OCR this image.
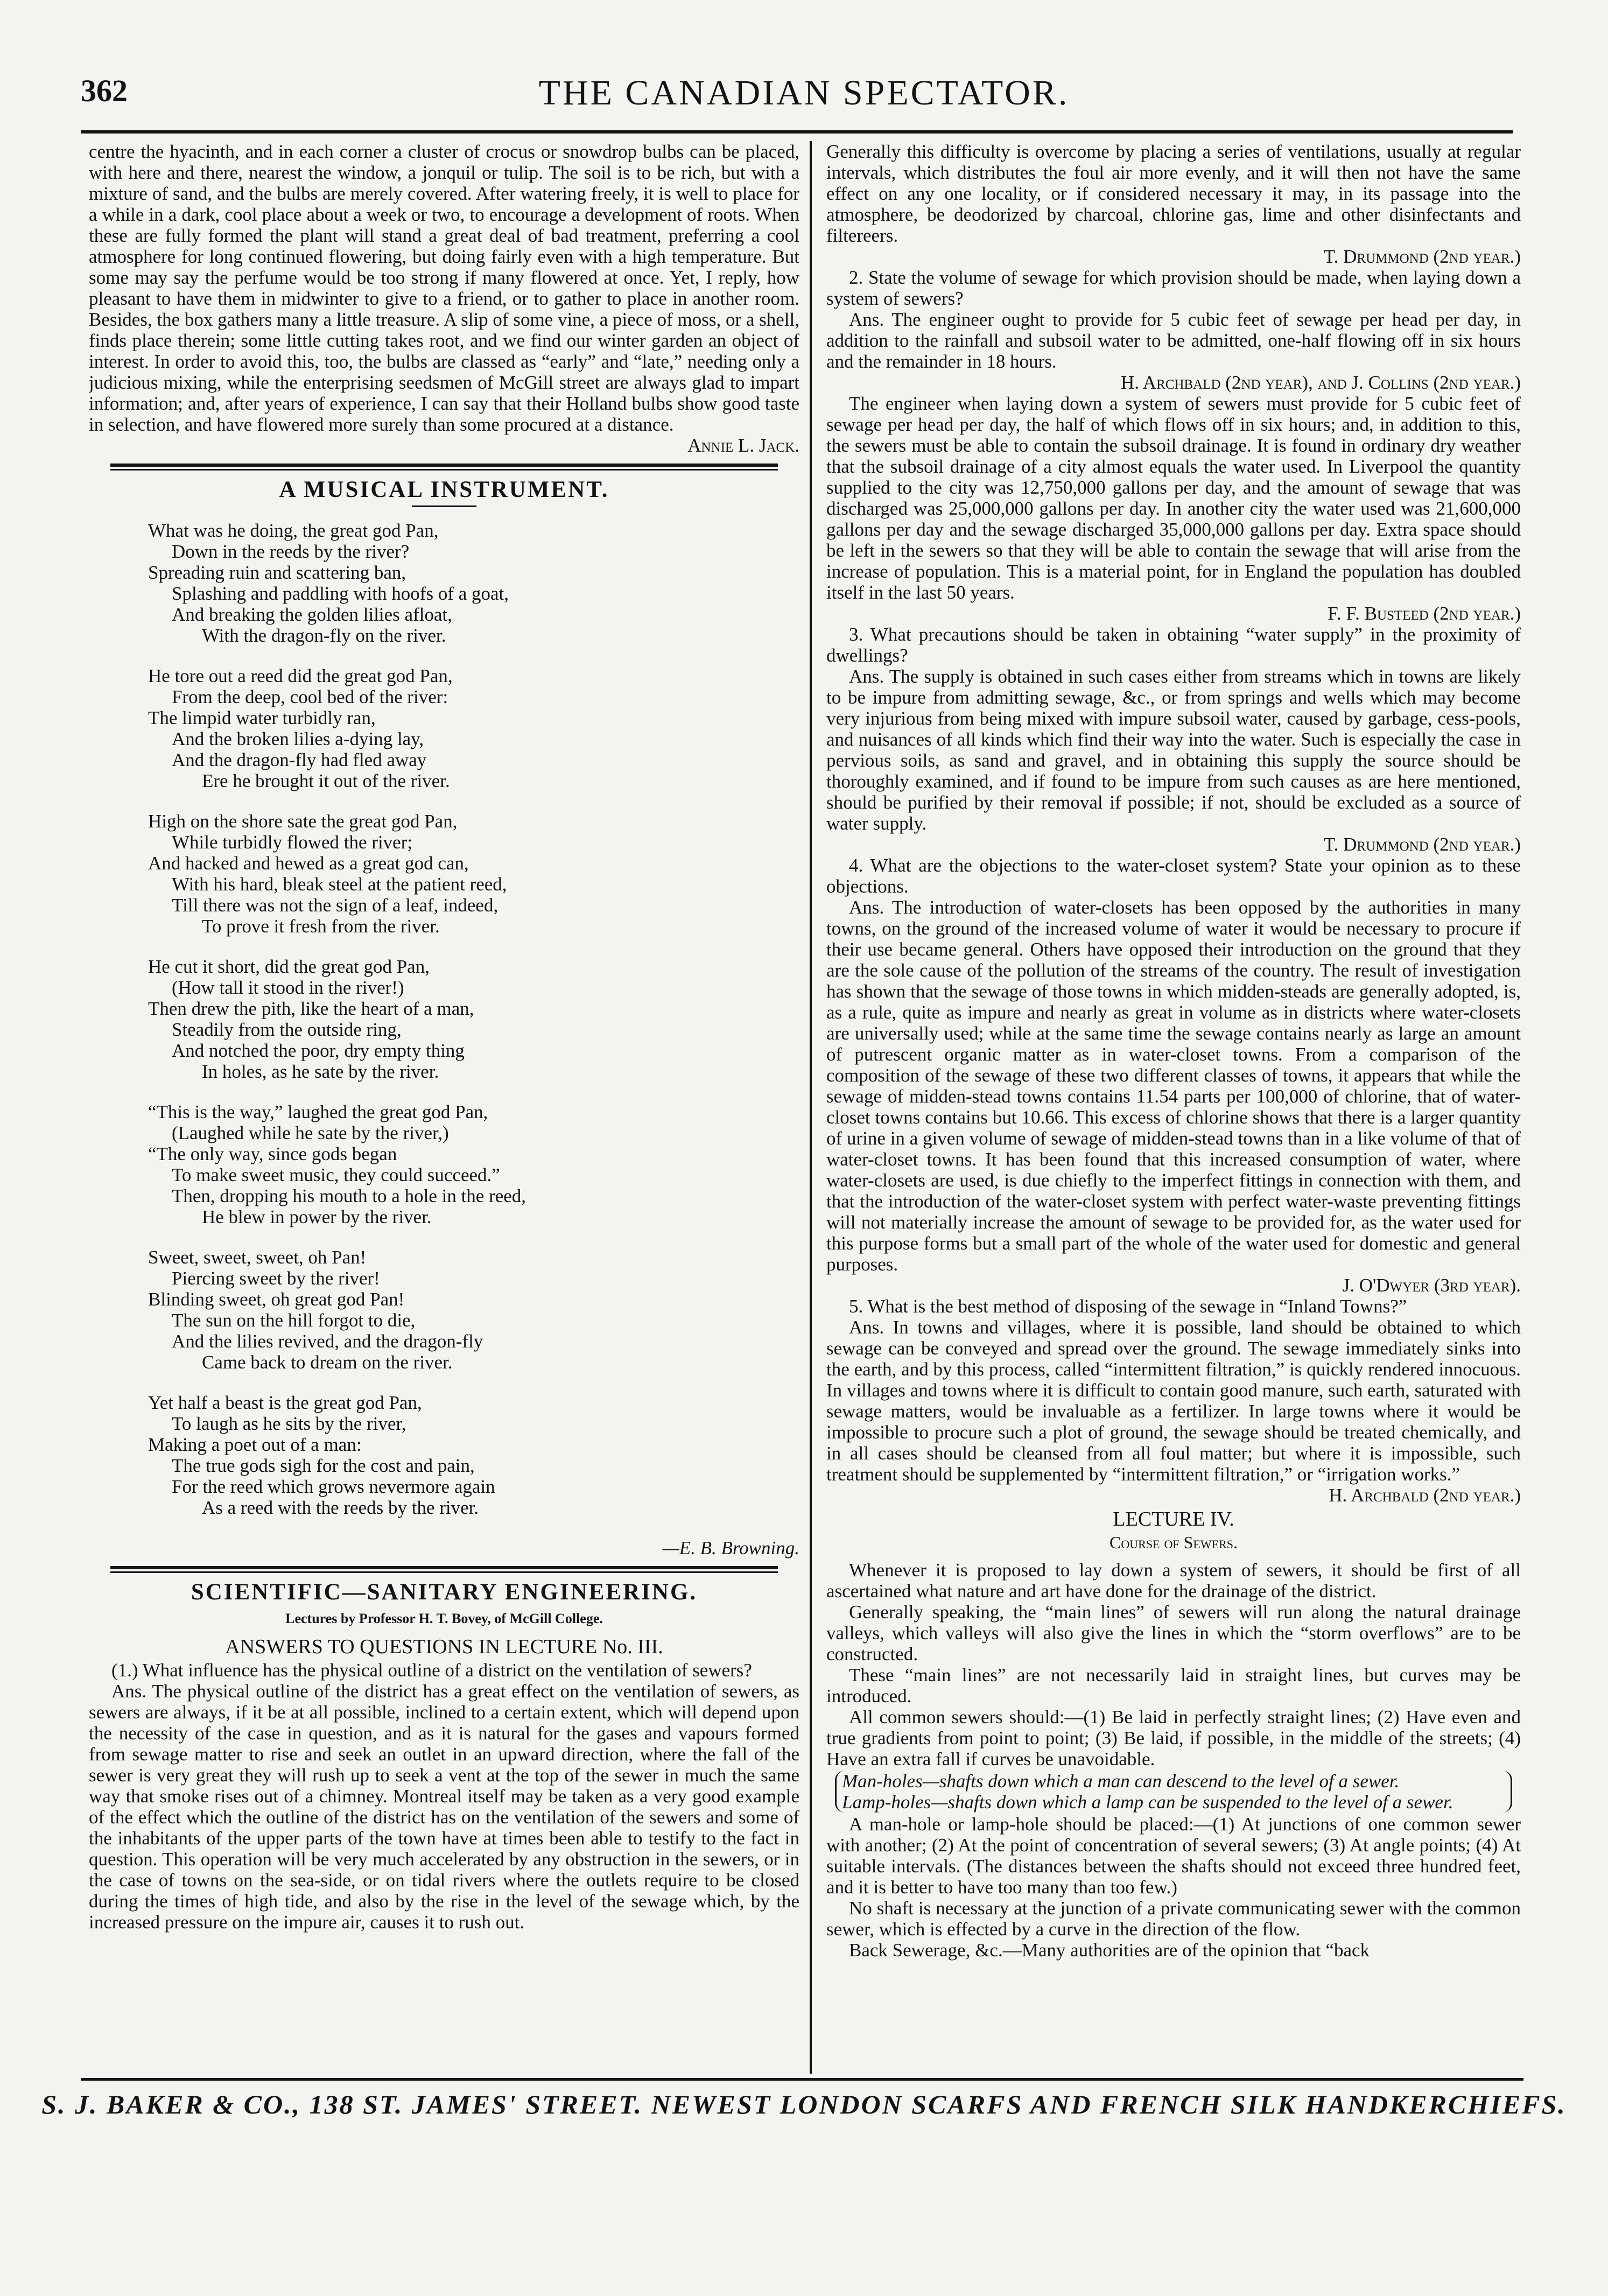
362	THE CANADIAN SPECTATOR.

centre the hyacinth, and in each corner a cluster of crocus or snowdrop bulbs can be placed, with here and there, nearest the window, a jonquil or tulip. The soil is to be rich, but with a mixture of sand, and the bulbs are merely covered. After watering freely, it is well to place for a while in a dark, cool place about a week or two, to encourage a development of roots. When these are fully formed the plant will stand a great deal of bad treatment, preferring a cool atmosphere for long continued flowering, but doing fairly even with a high temperature. But some may say the perfume would be too strong if many flowered at once. Yet, I reply, how pleasant to have them in midwinter to give to a friend, or to gather to place in another room. Besides, the box gathers many a little treasure. A slip of some vine, a piece of moss, or a shell, finds place therein; some little cutting takes root, and we find our winter garden an object of interest. In order to avoid this, too, the bulbs are classed as “early” and “late,” needing only a judicious mixing, while the enterprising seedsmen of McGill street are always glad to impart information; and, after years of experience, I can say that their Holland bulbs show good taste in selection, and have flowered more surely than some procured at a distance.

Annie L. Jack.

A MUSICAL INSTRUMENT.
What was he doing, the great god Pan,
Down in the reeds by the river?
Spreading ruin and scattering ban,
Splashing and paddling with hoofs of a goat,
And breaking the golden lilies afloat,
With the dragon-fly on the river.
He tore out a reed did the great god Pan,
From the deep, cool bed of the river:
The limpid water turbidly ran,
And the broken lilies a-dying lay,
And the dragon-fly had fled away
Ere he brought it out of the river.
High on the shore sate the great god Pan,
While turbidly flowed the river;
And hacked and hewed as a great god can,
With his hard, bleak steel at the patient reed,
Till there was not the sign of a leaf, indeed,
To prove it fresh from the river.
He cut it short, did the great god Pan,
(How tall it stood in the river!)
Then drew the pith, like the heart of a man,
Steadily from the outside ring,
And notched the poor, dry empty thing
In holes, as he sate by the river.
“This is the way,” laughed the great god Pan,
(Laughed while he sate by the river,)
“The only way, since gods began
To make sweet music, they could succeed.”
Then, dropping his mouth to a hole in the reed,
He blew in power by the river.
Sweet, sweet, sweet, oh Pan!
Piercing sweet by the river!
Blinding sweet, oh great god Pan!
The sun on the hill forgot to die,
And the lilies revived, and the dragon-fly
Came back to dream on the river.
Yet half a beast is the great god Pan,
To laugh as he sits by the river,
Making a poet out of a man:
The true gods sigh for the cost and pain,
For the reed which grows nevermore again
As a reed with the reeds by the river.

—E. B. Browning.

SCIENTIFIC—SANITARY ENGINEERING.
Lectures by Professor H. T. Bovey, of McGill College.
ANSWERS TO QUESTIONS IN LECTURE No. III.

(1.) What influence has the physical outline of a district on the ventilation of sewers?

Ans. The physical outline of the district has a great effect on the ventilation of sewers, as sewers are always, if it be at all possible, inclined to a certain extent, which will depend upon the necessity of the case in question, and as it is natural for the gases and vapours formed from sewage matter to rise and seek an outlet in an upward direction, where the fall of the sewer is very great they will rush up to seek a vent at the top of the sewer in much the same way that smoke rises out of a chimney. Montreal itself may be taken as a very good example of the effect which the outline of the district has on the ventilation of the sewers and some of the inhabitants of the upper parts of the town have at times been able to testify to the fact in question. This operation will be very much accelerated by any obstruction in the sewers, or in the case of towns on the sea-side, or on tidal rivers where the outlets require to be closed during the times of high tide, and also by the rise in the level of the sewage which, by the increased pressure on the impure air, causes it to rush out.

Generally this difficulty is overcome by placing a series of ventilations, usually at regular intervals, which distributes the foul air more evenly, and it will then not have the same effect on any one locality, or if considered necessary it may, in its passage into the atmosphere, be deodorized by charcoal, chlorine gas, lime and other disinfectants and filtereers.

T. Drummond (2nd year.)

2. State the volume of sewage for which provision should be made, when laying down a system of sewers?

Ans. The engineer ought to provide for 5 cubic feet of sewage per head per day, in addition to the rainfall and subsoil water to be admitted, one-half flowing off in six hours and the remainder in 18 hours.

H. Archbald (2nd year), and J. Collins (2nd year.)

The engineer when laying down a system of sewers must provide for 5 cubic feet of sewage per head per day, the half of which flows off in six hours; and, in addition to this, the sewers must be able to contain the subsoil drainage. It is found in ordinary dry weather that the subsoil drainage of a city almost equals the water used. In Liverpool the quantity supplied to the city was 12,750,000 gallons per day, and the amount of sewage that was discharged was 25,000,000 gallons per day. In another city the water used was 21,600,000 gallons per day and the sewage discharged 35,000,000 gallons per day. Extra space should be left in the sewers so that they will be able to contain the sewage that will arise from the increase of population. This is a material point, for in England the population has doubled itself in the last 50 years.

F. F. Busteed (2nd year.)

3. What precautions should be taken in obtaining “water supply” in the proximity of dwellings?

Ans. The supply is obtained in such cases either from streams which in towns are likely to be impure from admitting sewage, &c., or from springs and wells which may become very injurious from being mixed with impure subsoil water, caused by garbage, cess-pools, and nuisances of all kinds which find their way into the water. Such is especially the case in pervious soils, as sand and gravel, and in obtaining this supply the source should be thoroughly examined, and if found to be impure from such causes as are here mentioned, should be purified by their removal if possible; if not, should be excluded as a source of water supply.

T. Drummond (2nd year.)

4. What are the objections to the water-closet system? State your opinion as to these objections.

Ans. The introduction of water-closets has been opposed by the authorities in many towns, on the ground of the increased volume of water it would be necessary to procure if their use became general. Others have opposed their introduction on the ground that they are the sole cause of the pollution of the streams of the country. The result of investigation has shown that the sewage of those towns in which midden-steads are generally adopted, is, as a rule, quite as impure and nearly as great in volume as in districts where water-closets are universally used; while at the same time the sewage contains nearly as large an amount of putrescent organic matter as in water-closet towns. From a comparison of the composition of the sewage of these two different classes of towns, it appears that while the sewage of midden-stead towns contains 11.54 parts per 100,000 of chlorine, that of water-closet towns contains but 10.66. This excess of chlorine shows that there is a larger quantity of urine in a given volume of sewage of midden-stead towns than in a like volume of that of water-closet towns. It has been found that this increased consumption of water, where water-closets are used, is due chiefly to the imperfect fittings in connection with them, and that the introduction of the water-closet system with perfect water-waste preventing fittings will not materially increase the amount of sewage to be provided for, as the water used for this purpose forms but a small part of the whole of the water used for domestic and general purposes.

J. O'Dwyer (3rd year).

5. What is the best method of disposing of the sewage in “Inland Towns?”

Ans. In towns and villages, where it is possible, land should be obtained to which sewage can be conveyed and spread over the ground. The sewage immediately sinks into the earth, and by this process, called “intermittent filtration,” is quickly rendered innocuous. In villages and towns where it is difficult to contain good manure, such earth, saturated with sewage matters, would be invaluable as a fertilizer. In large towns where it would be impossible to procure such a plot of ground, the sewage should be treated chemically, and in all cases should be cleansed from all foul matter; but where it is impossible, such treatment should be supplemented by “intermittent filtration,” or “irrigation works.”

H. Archbald (2nd year.)

LECTURE IV.
Course of Sewers.

Whenever it is proposed to lay down a system of sewers, it should be first of all ascertained what nature and art have done for the drainage of the district.

Generally speaking, the “main lines” of sewers will run along the natural drainage valleys, which valleys will also give the lines in which the “storm overflows” are to be constructed.

These “main lines” are not necessarily laid in straight lines, but curves may be introduced.

All common sewers should:—(1) Be laid in perfectly straight lines; (2) Have even and true gradients from point to point; (3) Be laid, if possible, in the middle of the streets; (4) Have an extra fall if curves be unavoidable.

Man-holes—shafts down which a man can descend to the level of a sewer.
Lamp-holes—shafts down which a lamp can be suspended to the level of a sewer.

A man-hole or lamp-hole should be placed:—(1) At junctions of one common sewer with another; (2) At the point of concentration of several sewers; (3) At angle points; (4) At suitable intervals. (The distances between the shafts should not exceed three hundred feet, and it is better to have too many than too few.)

No shaft is necessary at the junction of a private communicating sewer with the common sewer, which is effected by a curve in the direction of the flow.

Back Sewerage, &c.—Many authorities are of the opinion that “back

S. J. BAKER & CO., 138 ST. JAMES' STREET. NEWEST LONDON SCARFS AND FRENCH SILK HANDKERCHIEFS.
